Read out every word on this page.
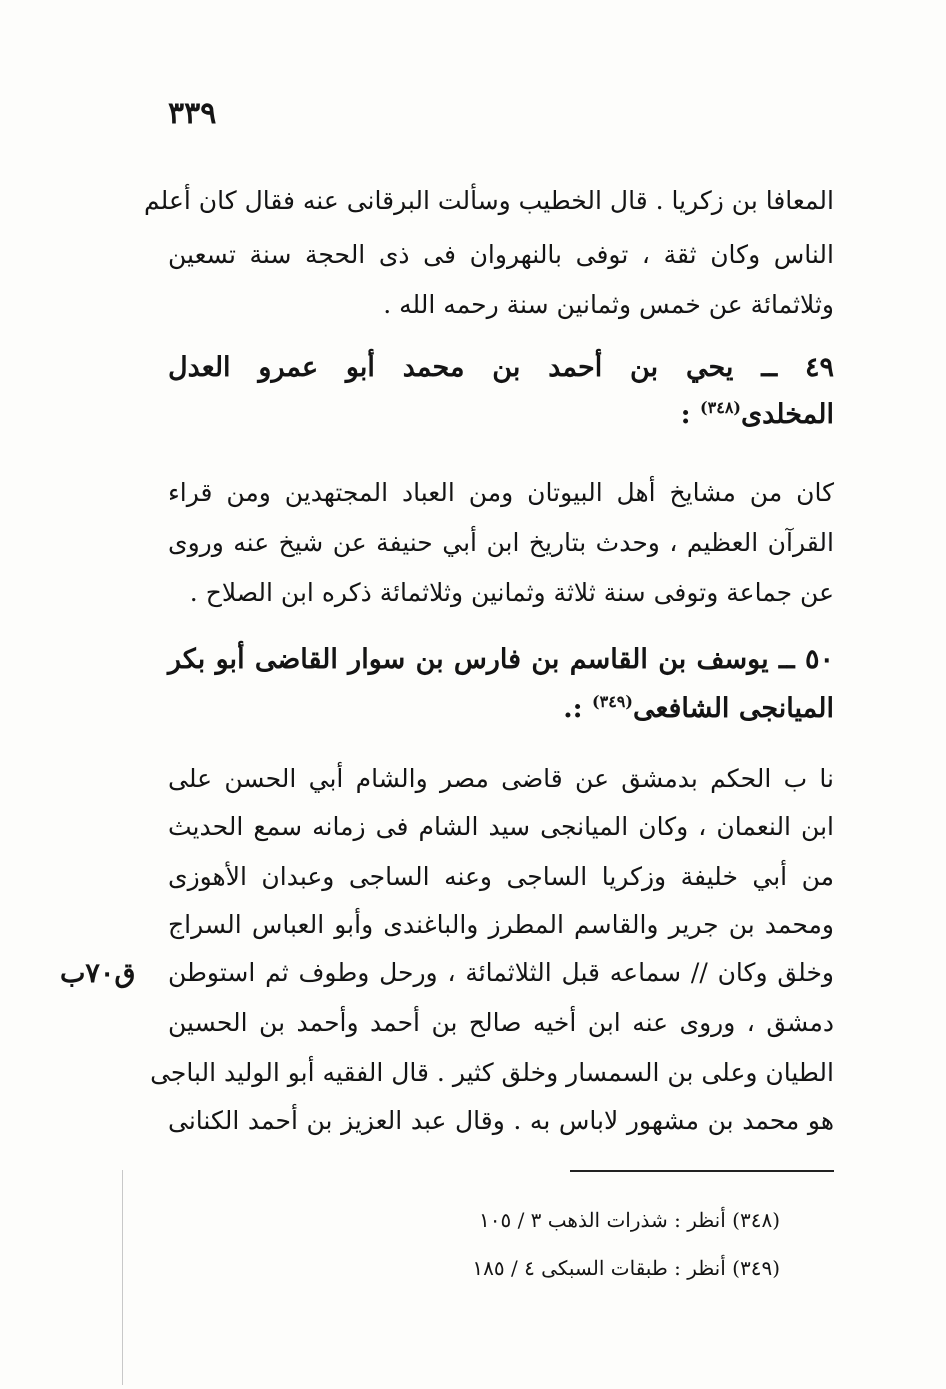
٣٣٩
المعافا بن زكريا . قال الخطيب وسألت البرقانى عنه فقال كان أعلم
الناس وكان ثقة ، توفى بالنهروان فى ذى الحجة سنة تسعين
وثلاثمائة عن خمس وثمانين سنة رحمه الله .
٤٩ ــ يحي بن أحمد بن محمد أبو عمرو العدل
المخلدى$^{(٣٤٨)}$ :
كان من مشايخ أهل البيوتان ومن العباد المجتهدين ومن قراء
القرآن العظيم ، وحدث بتاريخ ابن أبي حنيفة عن شيخ عنه وروى
عن جماعة وتوفى سنة ثلاثة وثمانين وثلاثمائة ذكره ابن الصلاح .
٥٠ ــ يوسف بن القاسم بن فارس بن سوار القاضى أبو بكر
الميانجى الشافعى$^{(٣٤٩)}$ :.
نا ب الحكم بدمشق عن قاضى مصر والشام أبي الحسن على
ابن النعمان ، وكان الميانجى سيد الشام فى زمانه سمع الحديث
من أبي خليفة وزكريا الساجى وعنه الساجى وعبدان الأهوزى
ومحمد بن جرير والقاسم المطرز والباغندى وأبو العباس السراج
وخلق وكان // سماعه قبل الثلاثمائة ، ورحل وطوف ثم استوطن
دمشق ، وروى عنه ابن أخيه صالح بن أحمد وأحمد بن الحسين
الطيان وعلى بن السمسار وخلق كثير . قال الفقيه أبو الوليد الباجى
هو محمد بن مشهور لاباس به . وقال عبد العزيز بن أحمد الكنانى
ق٧٠ب
(٣٤٨) أنظر : شذرات الذهب ٣ / ١٠٥
(٣٤٩) أنظر : طبقات السبكى ٤ / ١٨٥
